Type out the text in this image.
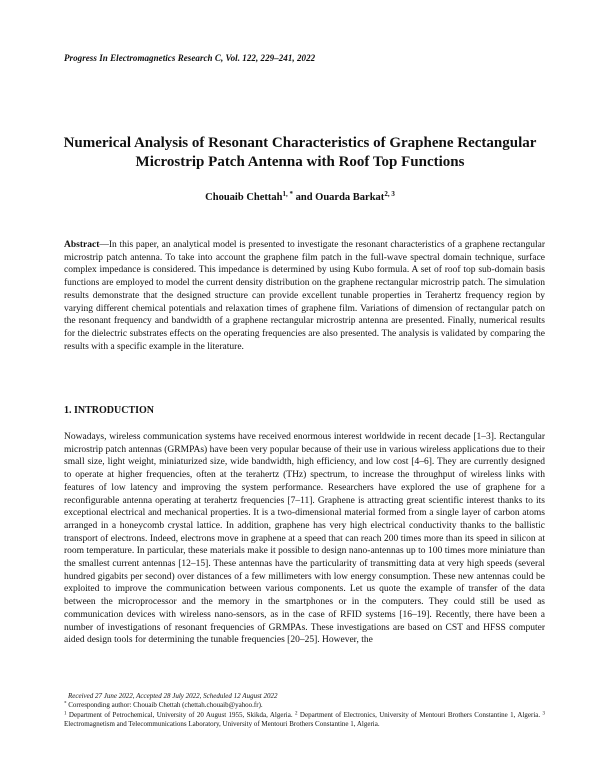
Progress In Electromagnetics Research C, Vol. 122, 229–241, 2022
Numerical Analysis of Resonant Characteristics of Graphene Rectangular Microstrip Patch Antenna with Roof Top Functions
Chouaib Chettah$^{1, *}$ and Ouarda Barkat$^{2, 3}$
Abstract—In this paper, an analytical model is presented to investigate the resonant characteristics of a graphene rectangular microstrip patch antenna. To take into account the graphene film patch in the full-wave spectral domain technique, surface complex impedance is considered. This impedance is determined by using Kubo formula. A set of roof top sub-domain basis functions are employed to model the current density distribution on the graphene rectangular microstrip patch. The simulation results demonstrate that the designed structure can provide excellent tunable properties in Terahertz frequency region by varying different chemical potentials and relaxation times of graphene film. Variations of dimension of rectangular patch on the resonant frequency and bandwidth of a graphene rectangular microstrip antenna are presented. Finally, numerical results for the dielectric substrates effects on the operating frequencies are also presented. The analysis is validated by comparing the results with a specific example in the literature.
1. INTRODUCTION
Nowadays, wireless communication systems have received enormous interest worldwide in recent decade [1–3]. Rectangular microstrip patch antennas (GRMPAs) have been very popular because of their use in various wireless applications due to their small size, light weight, miniaturized size, wide bandwidth, high efficiency, and low cost [4–6]. They are currently designed to operate at higher frequencies, often at the terahertz (THz) spectrum, to increase the throughput of wireless links with features of low latency and improving the system performance. Researchers have explored the use of graphene for a reconfigurable antenna operating at terahertz frequencies [7–11]. Graphene is attracting great scientific interest thanks to its exceptional electrical and mechanical properties. It is a two-dimensional material formed from a single layer of carbon atoms arranged in a honeycomb crystal lattice. In addition, graphene has very high electrical conductivity thanks to the ballistic transport of electrons. Indeed, electrons move in graphene at a speed that can reach 200 times more than its speed in silicon at room temperature. In particular, these materials make it possible to design nano-antennas up to 100 times more miniature than the smallest current antennas [12–15]. These antennas have the particularity of transmitting data at very high speeds (several hundred gigabits per second) over distances of a few millimeters with low energy consumption. These new antennas could be exploited to improve the communication between various components. Let us quote the example of transfer of the data between the microprocessor and the memory in the smartphones or in the computers. They could still be used as communication devices with wireless nano-sensors, as in the case of RFID systems [16–19]. Recently, there have been a number of investigations of resonant frequencies of GRMPAs. These investigations are based on CST and HFSS computer aided design tools for determining the tunable frequencies [20–25]. However, the
Received 27 June 2022, Accepted 28 July 2022, Scheduled 12 August 2022
* Corresponding author: Chouaib Chettah (chettah.chouaib@yahoo.fr).
$^1$ Department of Petrochemical, University of 20 August 1955, Skikda, Algeria. $^2$ Department of Electronics, University of Mentouri Brothers Constantine 1, Algeria. $^3$ Electromagnetism and Telecommunications Laboratory, University of Mentouri Brothers Constantine 1, Algeria.
